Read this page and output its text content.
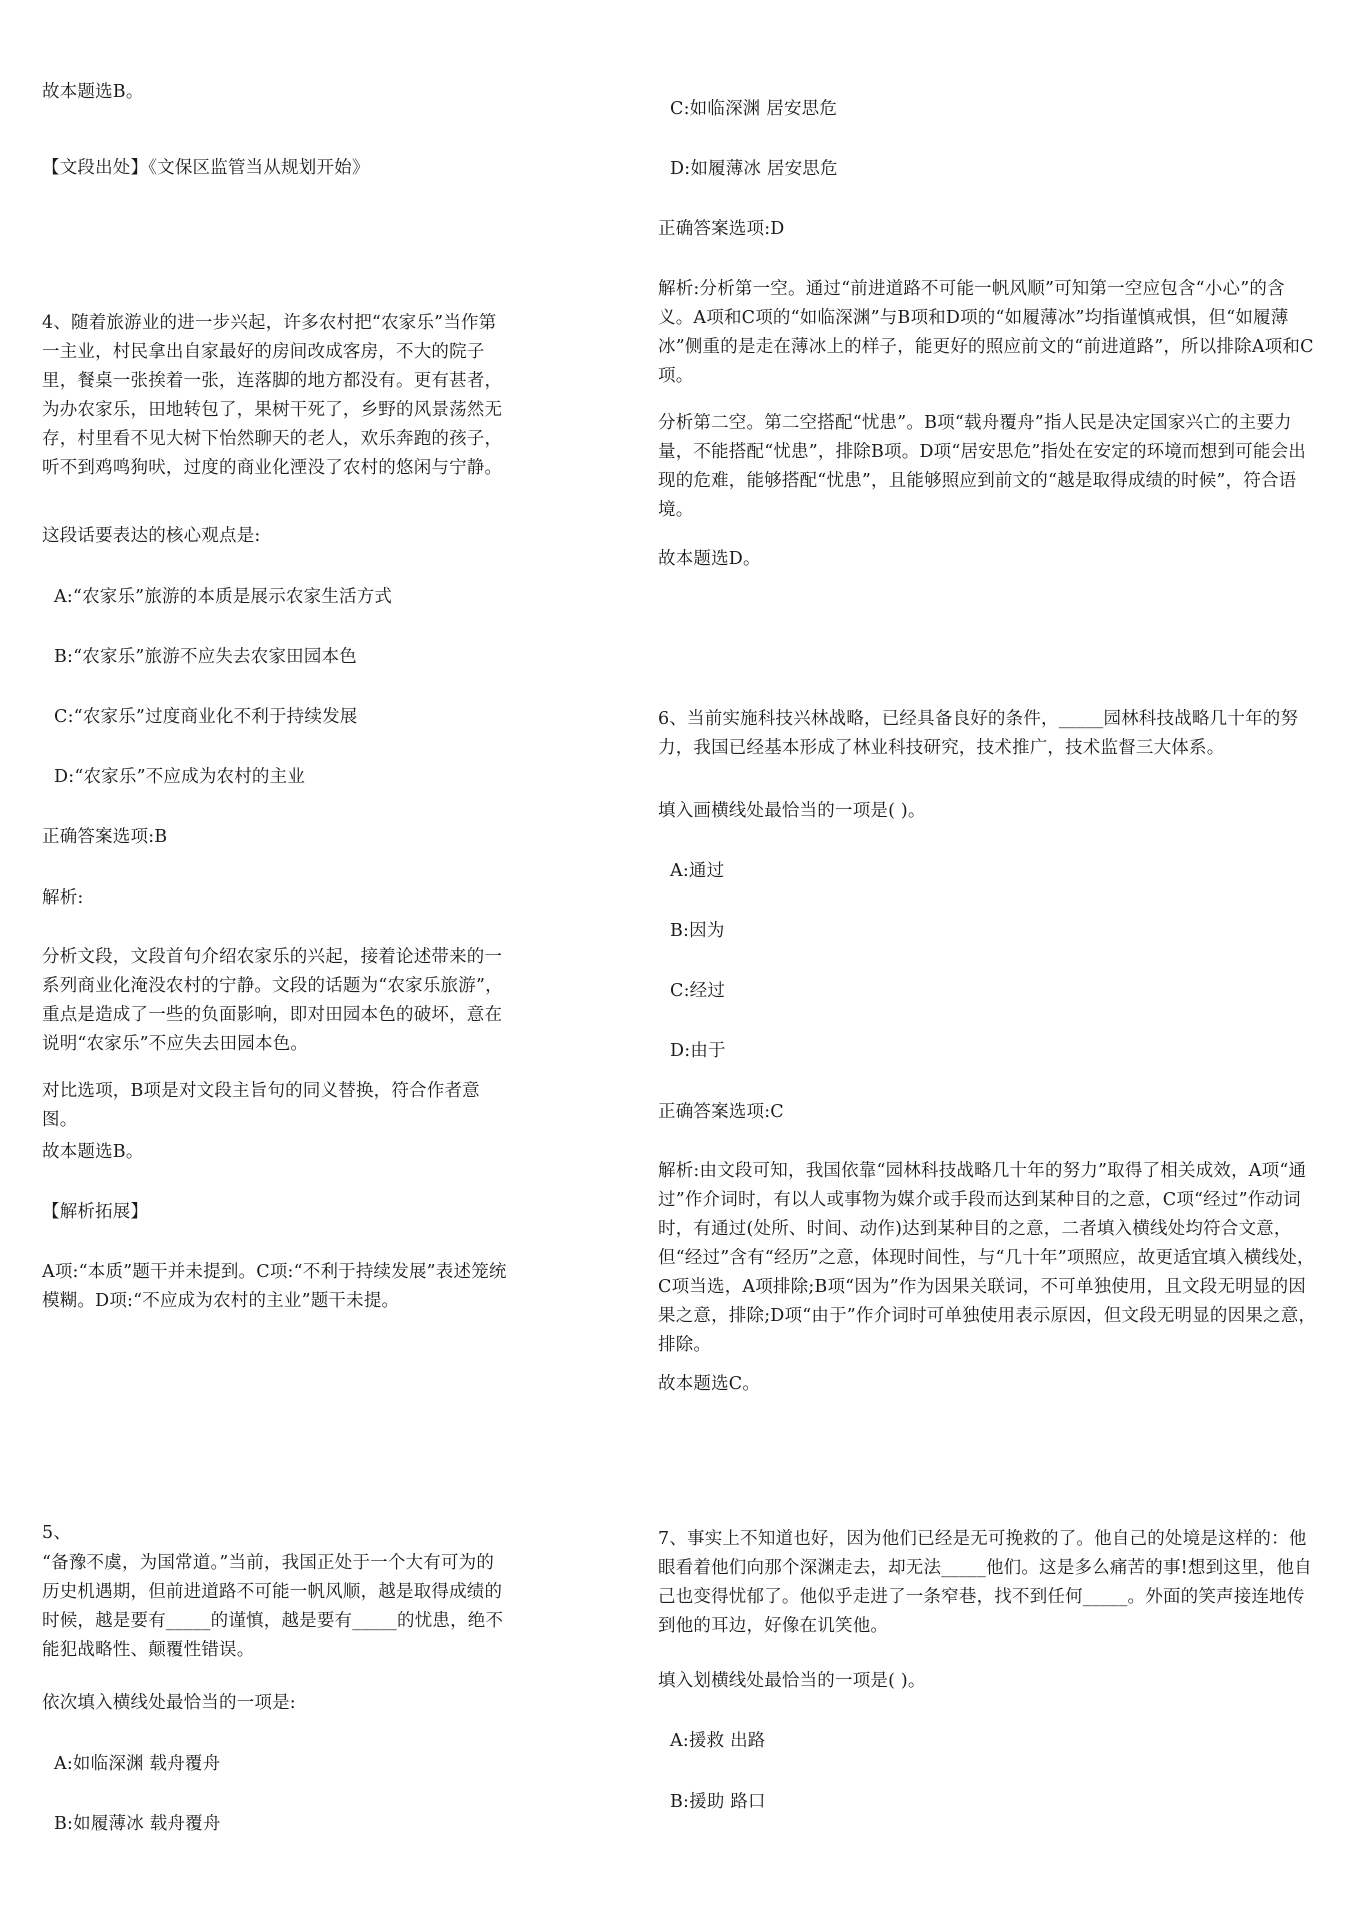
故本题选B。

【文段出处】《文保区监管当从规划开始》

4、随着旅游业的进一步兴起，许多农村把“农家乐”当作第一主业，村民拿出自家最好的房间改成客房，不大的院子里，餐桌一张挨着一张，连落脚的地方都没有。更有甚者，为办农家乐，田地转包了，果树干死了，乡野的风景荡然无存，村里看不见大树下怡然聊天的老人，欢乐奔跑的孩子，听不到鸡鸣狗吠，过度的商业化湮没了农村的悠闲与宁静。

这段话要表达的核心观点是:

A:“农家乐”旅游的本质是展示农家生活方式

B:“农家乐”旅游不应失去农家田园本色

C:“农家乐”过度商业化不利于持续发展

D:“农家乐”不应成为农村的主业

正确答案选项:B

解析:

分析文段，文段首句介绍农家乐的兴起，接着论述带来的一系列商业化淹没农村的宁静。文段的话题为“农家乐旅游”，重点是造成了一些的负面影响，即对田园本色的破坏，意在说明“农家乐”不应失去田园本色。

对比选项，B项是对文段主旨句的同义替换，符合作者意图。

故本题选B。

【解析拓展】

A项:“本质”题干并未提到。C项:“不利于持续发展”表述笼统模糊。D项:“不应成为农村的主业”题干未提。

5、

“备豫不虞，为国常道。”当前，我国正处于一个大有可为的历史机遇期，但前进道路不可能一帆风顺，越是取得成绩的时候，越是要有_____的谨慎，越是要有_____的忧患，绝不能犯战略性、颠覆性错误。

依次填入横线处最恰当的一项是:

A:如临深渊 载舟覆舟

B:如履薄冰 载舟覆舟

C:如临深渊 居安思危

D:如履薄冰 居安思危

正确答案选项:D

解析:分析第一空。通过“前进道路不可能一帆风顺”可知第一空应包含“小心”的含义。A项和C项的“如临深渊”与B项和D项的“如履薄冰”均指谨慎戒惧，但“如履薄冰”侧重的是走在薄冰上的样子，能更好的照应前文的“前进道路”，所以排除A项和C项。

分析第二空。第二空搭配“忧患”。B项“载舟覆舟”指人民是决定国家兴亡的主要力量，不能搭配“忧患”，排除B项。D项“居安思危”指处在安定的环境而想到可能会出现的危难，能够搭配“忧患”，且能够照应到前文的“越是取得成绩的时候”，符合语境。

故本题选D。

6、当前实施科技兴林战略，已经具备良好的条件，_____园林科技战略几十年的努力，我国已经基本形成了林业科技研究，技术推广，技术监督三大体系。

填入画横线处最恰当的一项是( )。

A:通过

B:因为

C:经过

D:由于

正确答案选项:C

解析:由文段可知，我国依靠“园林科技战略几十年的努力”取得了相关成效，A项“通过”作介词时，有以人或事物为媒介或手段而达到某种目的之意，C项“经过”作动词时，有通过(处所、时间、动作)达到某种目的之意，二者填入横线处均符合文意，但“经过”含有“经历”之意，体现时间性，与“几十年”项照应，故更适宜填入横线处，C项当选，A项排除;B项“因为”作为因果关联词，不可单独使用，且文段无明显的因果之意，排除;D项“由于”作介词时可单独使用表示原因，但文段无明显的因果之意，排除。

故本题选C。

7、事实上不知道也好，因为他们已经是无可挽救的了。他自己的处境是这样的：他眼看着他们向那个深渊走去，却无法_____他们。这是多么痛苦的事!想到这里，他自己也变得忧郁了。他似乎走进了一条窄巷，找不到任何_____。外面的笑声接连地传到他的耳边，好像在讥笑他。

填入划横线处最恰当的一项是( )。

A:援救 出路

B:援助 路口
